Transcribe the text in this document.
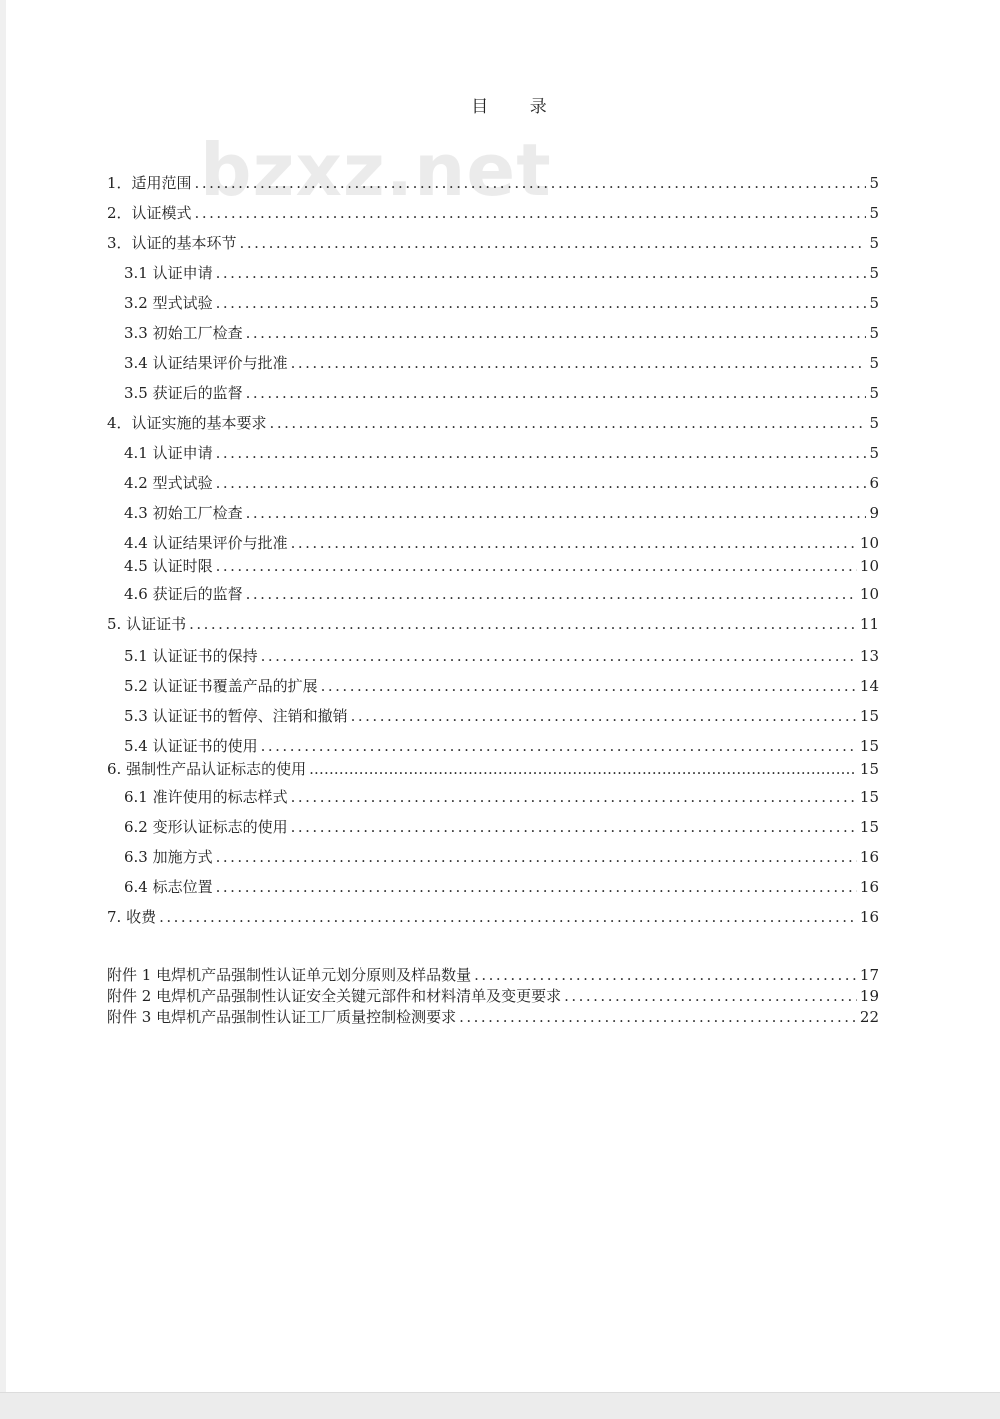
bzxz.net
目 录
1．适用范围 .....	5
2．认证模式 .....	5
3．认证的基本环节 .....	5
3.1 认证申请 .....	5
3.2 型式试验 .....	5
3.3 初始工厂检查 .....	5
3.4 认证结果评价与批准 .....	5
3.5 获证后的监督 .....	5
4．认证实施的基本要求 .....	5
4.1 认证申请 .....	5
4.2 型式试验 .....	6
4.3 初始工厂检查 .....	9
4.4 认证结果评价与批准 .....	10
4.5 认证时限 .....	10
4.6 获证后的监督 .....	10
5. 认证证书 .....	11
5.1 认证证书的保持 .....	13
5.2 认证证书覆盖产品的扩展 .....	14
5.3 认证证书的暂停、注销和撤销 .....	15
5.4 认证证书的使用 .....	15
6. 强制性产品认证标志的使用 .....	15
6.1 准许使用的标志样式 .....	15
6.2 变形认证标志的使用 .....	15
6.3 加施方式 .....	16
6.4 标志位置 .....	16
7. 收费 .....	16
附件 1 电焊机产品强制性认证单元划分原则及样品数量 .....	17
附件 2 电焊机产品强制性认证安全关键元部件和材料清单及变更要求 .....	19
附件 3 电焊机产品强制性认证工厂质量控制检测要求 .....	22
